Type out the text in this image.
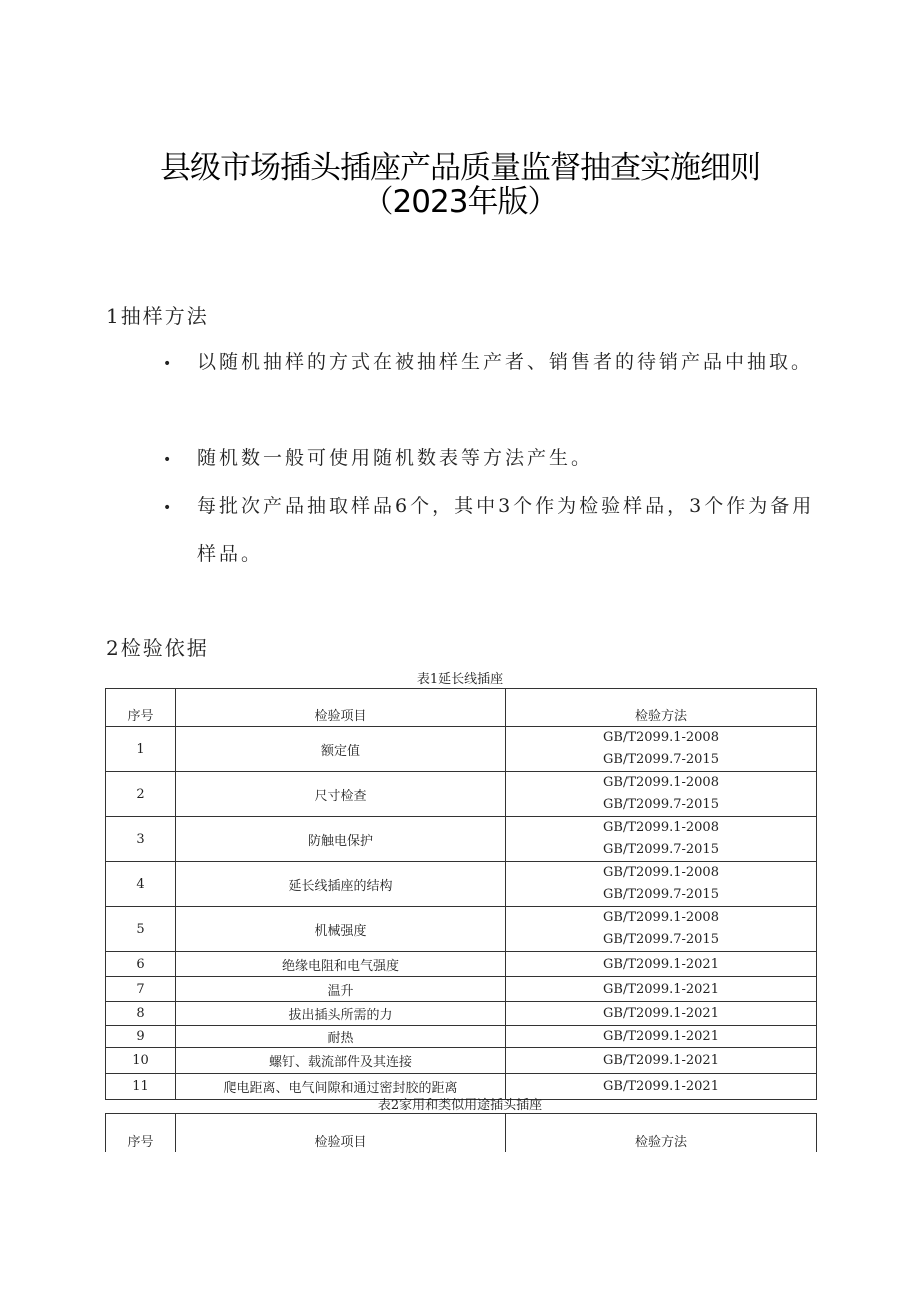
县级市场插头插座产品质量监督抽查实施细则
（2023年版）
1抽样方法
• 以随机抽样的方式在被抽样生产者、销售者的待销产品中抽取。
• 随机数一般可使用随机数表等方法产生。
• 每批次产品抽取样品6个，其中3个作为检验样品，3个作为备用样品。
2检验依据
表1延长线插座
序号	检验项目	检验方法
1	额定值	GB/T2099.1-2008
GB/T2099.7-2015

2	尺寸检查	GB/T2099.1-2008
GB/T2099.7-2015

3	防触电保护	GB/T2099.1-2008
GB/T2099.7-2015

4	延长线插座的结构	GB/T2099.1-2008
GB/T2099.7-2015

5	机械强度	GB/T2099.1-2008
GB/T2099.7-2015

6	绝缘电阻和电气强度	GB/T2099.1-2021
7	温升	GB/T2099.1-2021
8	拔出插头所需的力	GB/T2099.1-2021
9	耐热	GB/T2099.1-2021
10	螺钉、载流部件及其连接	GB/T2099.1-2021
11	爬电距离、电气间隙和通过密封胶的距离	GB/T2099.1-2021
表2家用和类似用途插头插座
序号	检验项目	检验方法
